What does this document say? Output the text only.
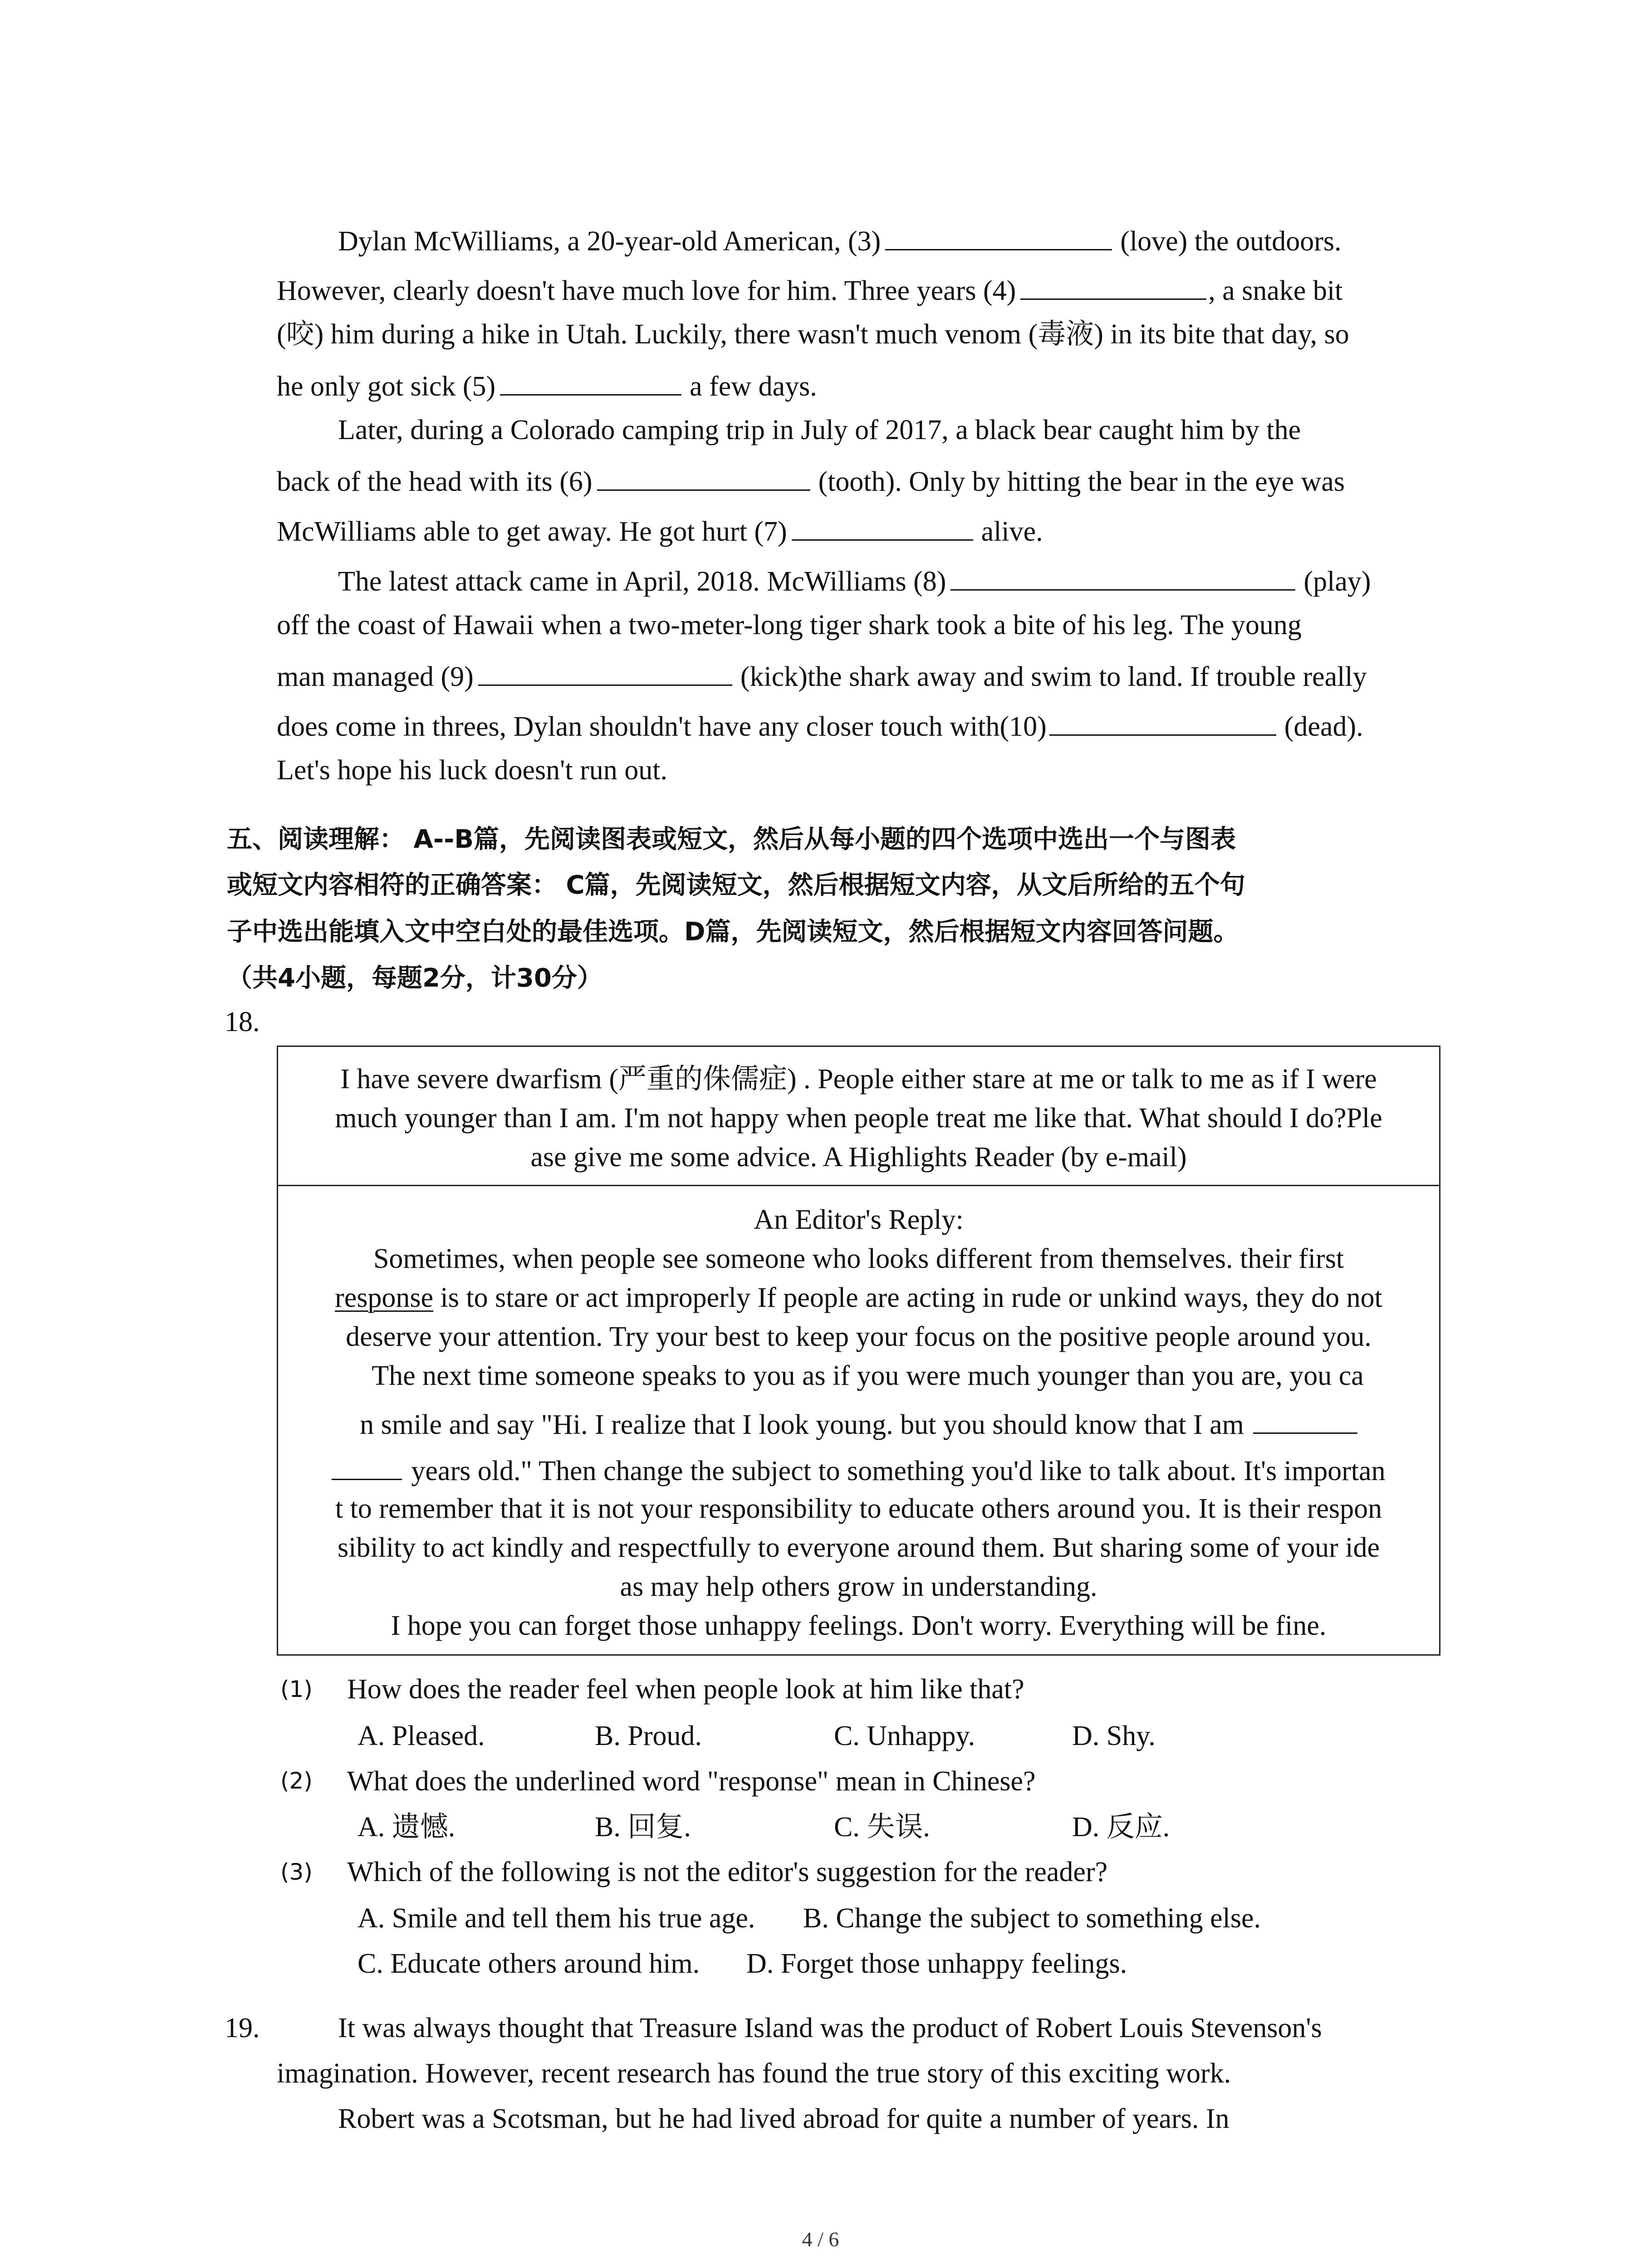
Dylan McWilliams, a 20-year-old American, (3)	(love) the outdoors.
However, clearly doesn't have much love for him. Three years (4)	, a snake bit
(咬) him during a hike in Utah. Luckily, there wasn't much venom (毒液) in its bite that day, so
he only got sick (5)	a few days.
Later, during a Colorado camping trip in July of 2017, a black bear caught him by the
back of the head with its (6)	(tooth). Only by hitting the bear in the eye was
McWilliams able to get away. He got hurt (7)	alive.
The latest attack came in April, 2018. McWilliams (8)	(play)
off the coast of Hawaii when a two-meter-long tiger shark took a bite of his leg. The young
man managed (9)	(kick)the shark away and swim to land. If trouble really
does come in threes, Dylan shouldn't have any closer touch with(10)	(dead).
Let's hope his luck doesn't run out.
五、阅读理解： A--B篇，先阅读图表或短文，然后从每小题的四个选项中选出一个与图表
或短文内容相符的正确答案： C篇，先阅读短文，然后根据短文内容，从文后所给的五个句
子中选出能填入文中空白处的最佳选项。D篇，先阅读短文，然后根据短文内容回答问题。
（共4小题，每题2分，计30分）
18.
I have severe dwarfism (严重的侏儒症) . People either stare at me or talk to me as if I were
much younger than I am. I'm not happy when people treat me like that. What should I do?Ple
ase give me some advice. A Highlights Reader (by e-mail)
An Editor's Reply:
Sometimes, when people see someone who looks different from themselves. their first
response is to stare or act improperly If people are acting in rude or unkind ways, they do not
deserve your attention. Try your best to keep your focus on the positive people around you.
The next time someone speaks to you as if you were much younger than you are, you ca
n smile and say "Hi. I realize that I look young. but you should know that I am
years old." Then change the subject to something you'd like to talk about. It's importan
t to remember that it is not your responsibility to educate others around you. It is their respon
sibility to act kindly and respectfully to everyone around them. But sharing some of your ide
as may help others grow in understanding.
I hope you can forget those unhappy feelings. Don't worry. Everything will be fine.
(1) How does the reader feel when people look at him like that?
A. Pleased.	B. Proud.	C. Unhappy.	D. Shy.
(2) What does the underlined word "response" mean in Chinese?
A. 遗憾.	B. 回复.	C. 失误.	D. 反应.
(3) Which of the following is not the editor's suggestion for the reader?
A. Smile and tell them his true age. B. Change the subject to something else.
C. Educate others around him. D. Forget those unhappy feelings.
19.	It was always thought that Treasure Island was the product of Robert Louis Stevenson's
imagination. However, recent research has found the true story of this exciting work.
Robert was a Scotsman, but he had lived abroad for quite a number of years. In
4 / 6
